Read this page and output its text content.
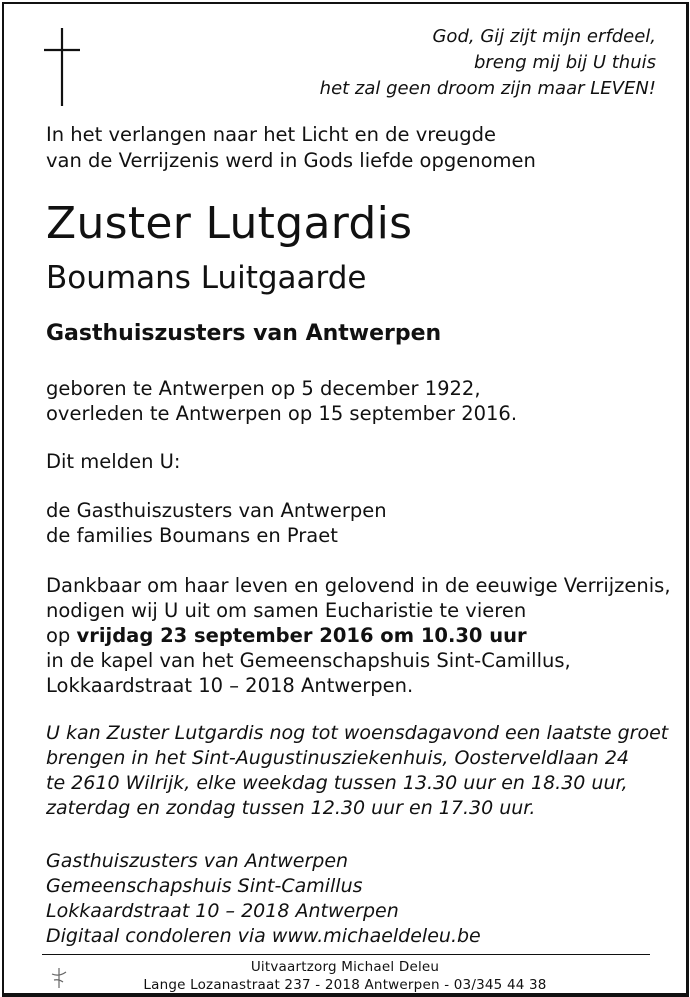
God, Gij zijt mijn erfdeel,
breng mij bij U thuis
het zal geen droom zijn maar LEVEN!
In het verlangen naar het Licht en de vreugde
van de Verrijzenis werd in Gods liefde opgenomen
Zuster Lutgardis
Boumans Luitgaarde
Gasthuiszusters van Antwerpen
geboren te Antwerpen op 5 december 1922,
overleden te Antwerpen op 15 september 2016.
Dit melden U:
de Gasthuiszusters van Antwerpen
de families Boumans en Praet
Dankbaar om haar leven en gelovend in de eeuwige Verrijzenis,
nodigen wij U uit om samen Eucharistie te vieren
op vrijdag 23 september 2016 om 10.30 uur
in de kapel van het Gemeenschapshuis Sint-Camillus,
Lokkaardstraat 10 – 2018 Antwerpen.
U kan Zuster Lutgardis nog tot woensdagavond een laatste groet
brengen in het Sint-Augustinusziekenhuis, Oosterveldlaan 24
te 2610 Wilrijk, elke weekdag tussen 13.30 uur en 18.30 uur,
zaterdag en zondag tussen 12.30 uur en 17.30 uur.
Gasthuiszusters van Antwerpen
Gemeenschapshuis Sint-Camillus
Lokkaardstraat 10 – 2018 Antwerpen
Digitaal condoleren via www.michaeldeleu.be
Uitvaartzorg Michael Deleu
Lange Lozanastraat 237 - 2018 Antwerpen - 03/345 44 38
